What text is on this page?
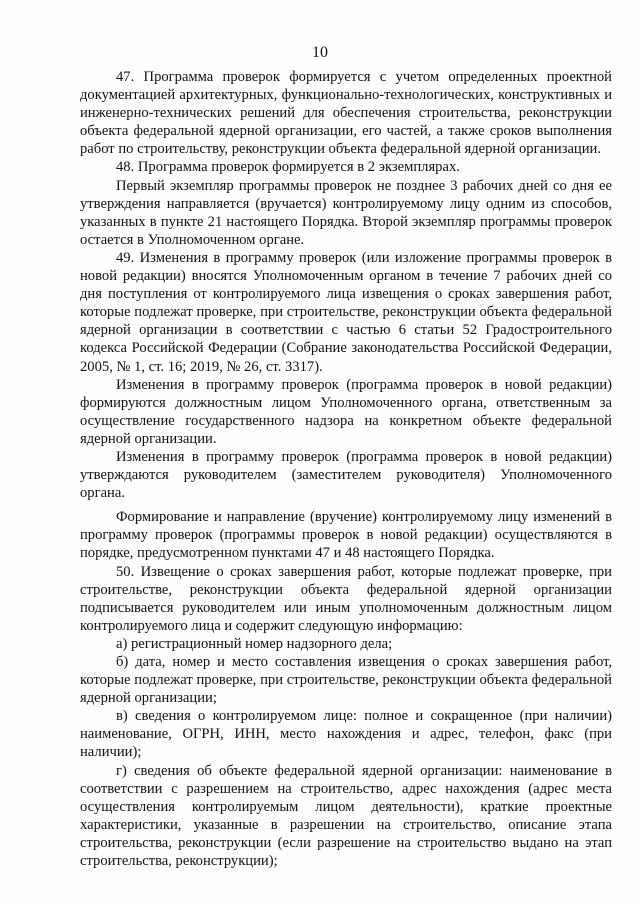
10

47. Программа проверок формируется с учетом определенных проектной документацией архитектурных, функционально-технологических, конструктивных и инженерно-технических решений для обеспечения строительства, реконструкции объекта федеральной ядерной организации, его частей, а также сроков выполнения работ по строительству, реконструкции объекта федеральной ядерной организации.

48. Программа проверок формируется в 2 экземплярах.

Первый экземпляр программы проверок не позднее 3 рабочих дней со дня ее утверждения направляется (вручается) контролируемому лицу одним из способов, указанных в пункте 21 настоящего Порядка. Второй экземпляр программы проверок остается в Уполномоченном органе.

49. Изменения в программу проверок (или изложение программы проверок в новой редакции) вносятся Уполномоченным органом в течение 7 рабочих дней со дня поступления от контролируемого лица извещения о сроках завершения работ, которые подлежат проверке, при строительстве, реконструкции объекта федеральной ядерной организации в соответствии с частью 6 статьи 52 Градостроительного кодекса Российской Федерации (Собрание законодательства Российской Федерации, 2005, № 1, ст. 16; 2019, № 26, ст. 3317).

Изменения в программу проверок (программа проверок в новой редакции) формируются должностным лицом Уполномоченного органа, ответственным за осуществление государственного надзора на конкретном объекте федеральной ядерной организации.

Изменения в программу проверок (программа проверок в новой редакции) утверждаются руководителем (заместителем руководителя) Уполномоченного органа.

Формирование и направление (вручение) контролируемому лицу изменений в программу проверок (программы проверок в новой редакции) осуществляются в порядке, предусмотренном пунктами 47 и 48 настоящего Порядка.

50. Извещение о сроках завершения работ, которые подлежат проверке, при строительстве, реконструкции объекта федеральной ядерной организации подписывается руководителем или иным уполномоченным должностным лицом контролируемого лица и содержит следующую информацию:

а) регистрационный номер надзорного дела;

б) дата, номер и место составления извещения о сроках завершения работ, которые подлежат проверке, при строительстве, реконструкции объекта федеральной ядерной организации;

в) сведения о контролируемом лице: полное и сокращенное (при наличии) наименование, ОГРН, ИНН, место нахождения и адрес, телефон, факс (при наличии);

г) сведения об объекте федеральной ядерной организации: наименование в соответствии с разрешением на строительство, адрес нахождения (адрес места осуществления контролируемым лицом деятельности), краткие проектные характеристики, указанные в разрешении на строительство, описание этапа строительства, реконструкции (если разрешение на строительство выдано на этап строительства, реконструкции);
